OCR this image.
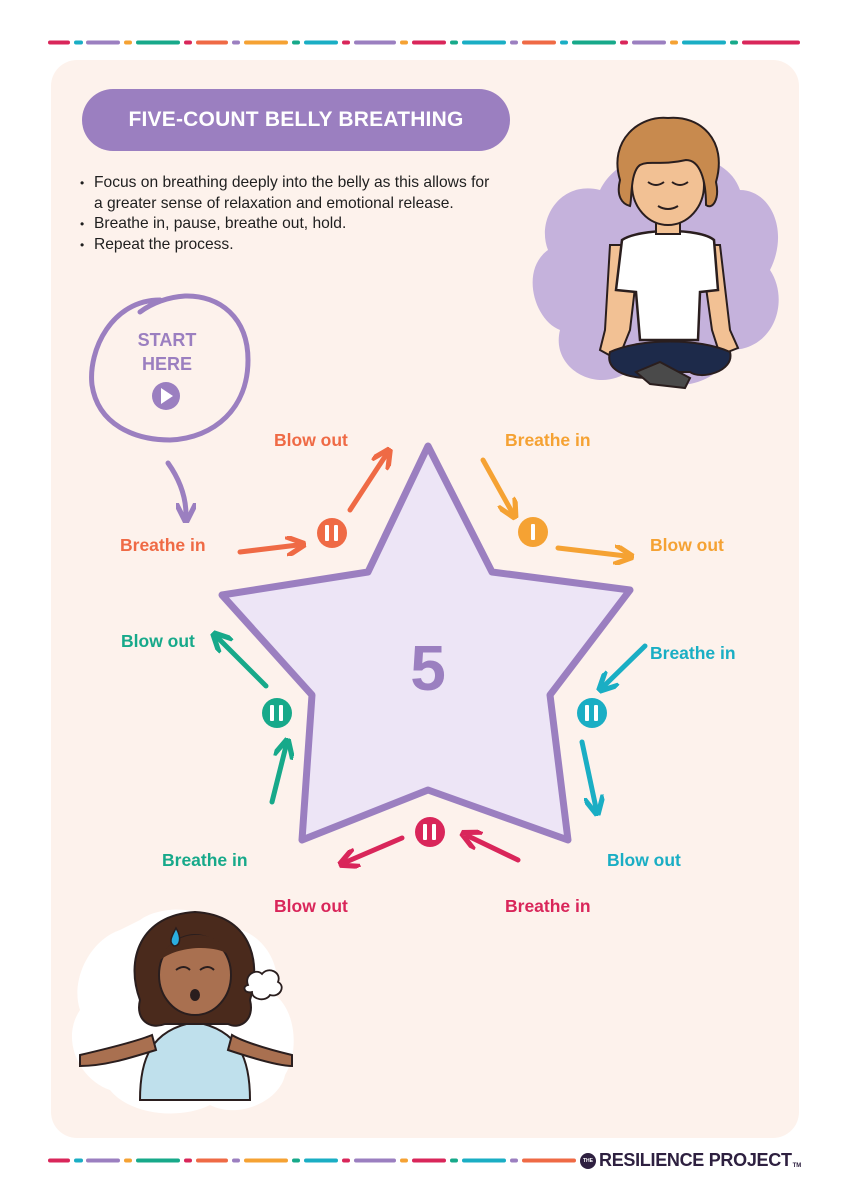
FIVE-COUNT BELLY BREATHING
• Focus on breathing deeply into the belly as this allows for a greater sense of relaxation and emotional release.
• Breathe in, pause, breathe out, hold.
• Repeat the process.
START
HERE
5
Breathe in
Blow out	Breathe in
Blow out
Breathe in
Blow out
Breathe in
Blow out
Breathe in
Blow out
THE RESILIENCE PROJECT TM
